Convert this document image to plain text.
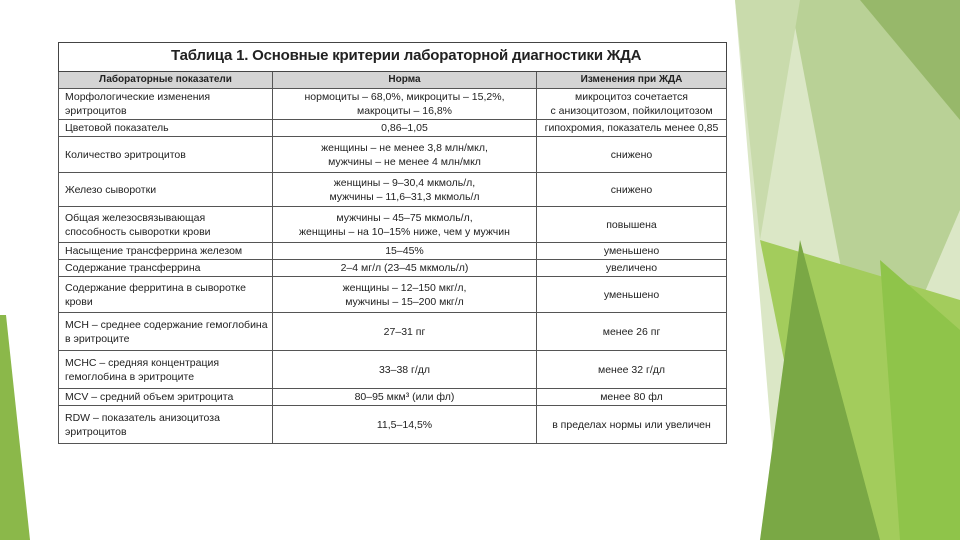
Таблица 1. Основные критерии лабораторной диагностики ЖДА		
Лабораторные показатели	Норма	Изменения при ЖДА

Морфологические изменения
эритроцитов	нормоциты – 68,0%, микроциты – 15,2%,
макроциты – 16,8%	микроцитоз сочетается
с анизоцитозом, пойкилоцитозом

Цветовой показатель	0,86–1,05	гипохромия, показатель менее 0,85

Количество эритроцитов	женщины – не менее 3,8 млн/мкл,
мужчины – не менее 4 млн/мкл	снижено

Железо сыворотки	женщины – 9–30,4 мкмоль/л,
мужчины – 11,6–31,3 мкмоль/л	снижено

Общая железосвязывающая
способность сыворотки крови	мужчины – 45–75 мкмоль/л,
женщины – на 10–15% ниже, чем у мужчин	повышена

Насыщение трансферрина железом	15–45%	уменьшено

Содержание трансферрина	2–4 мг/л (23–45 мкмоль/л)	увеличено

Содержание ферритина в сыворотке
крови	женщины – 12–150 мкг/л,
мужчины – 15–200 мкг/л	уменьшено

МСН – среднее содержание гемоглобина
в эритроците	27–31 пг	менее 26 пг

МСНС – средняя концентрация
гемоглобина в эритроците	33–38 г/дл	менее 32 г/дл

MCV – средний объем эритроцита	80–95 мкм³ (или фл)	менее 80 фл

RDW – показатель анизоцитоза
эритроцитов	11,5–14,5%	в пределах нормы или увеличен
